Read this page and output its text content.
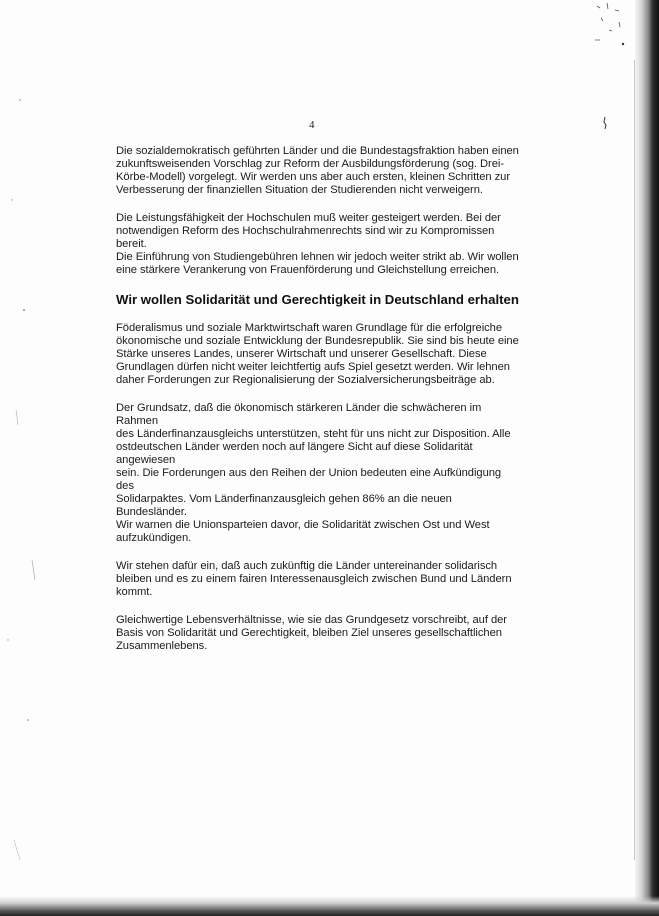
4

Die sozialdemokratisch geführten Länder und die Bundestagsfraktion haben einen
zukunftsweisenden Vorschlag zur Reform der Ausbildungsförderung (sog. Drei-
Körbe-Modell) vorgelegt. Wir werden uns aber auch ersten, kleinen Schritten zur
Verbesserung der finanziellen Situation der Studierenden nicht verweigern.

Die Leistungsfähigkeit der Hochschulen muß weiter gesteigert werden. Bei der
notwendigen Reform des Hochschulrahmenrechts sind wir zu Kompromissen bereit.
Die Einführung von Studiengebühren lehnen wir jedoch weiter strikt ab. Wir wollen
eine stärkere Verankerung von Frauenförderung und Gleichstellung erreichen.

Wir wollen Solidarität und Gerechtigkeit in Deutschland erhalten

Föderalismus und soziale Marktwirtschaft waren Grundlage für die erfolgreiche
ökonomische und soziale Entwicklung der Bundesrepublik. Sie sind bis heute eine
Stärke unseres Landes, unserer Wirtschaft und unserer Gesellschaft. Diese
Grundlagen dürfen nicht weiter leichtfertig aufs Spiel gesetzt werden. Wir lehnen
daher Forderungen zur Regionalisierung der Sozialversicherungsbeiträge ab.

Der Grundsatz, daß die ökonomisch stärkeren Länder die schwächeren im Rahmen
des Länderfinanzausgleichs unterstützen, steht für uns nicht zur Disposition. Alle
ostdeutschen Länder werden noch auf längere Sicht auf diese Solidarität angewiesen
sein. Die Forderungen aus den Reihen der Union bedeuten eine Aufkündigung des
Solidarpaktes. Vom Länderfinanzausgleich gehen 86% an die neuen Bundesländer.
Wir warnen die Unionsparteien davor, die Solidarität zwischen Ost und West
aufzukündigen.

Wir stehen dafür ein, daß auch zukünftig die Länder untereinander solidarisch
bleiben und es zu einem fairen Interessenausgleich zwischen Bund und Ländern
kommt.

Gleichwertige Lebensverhältnisse, wie sie das Grundgesetz vorschreibt, auf der
Basis von Solidarität und Gerechtigkeit, bleiben Ziel unseres gesellschaftlichen
Zusammenlebens.
